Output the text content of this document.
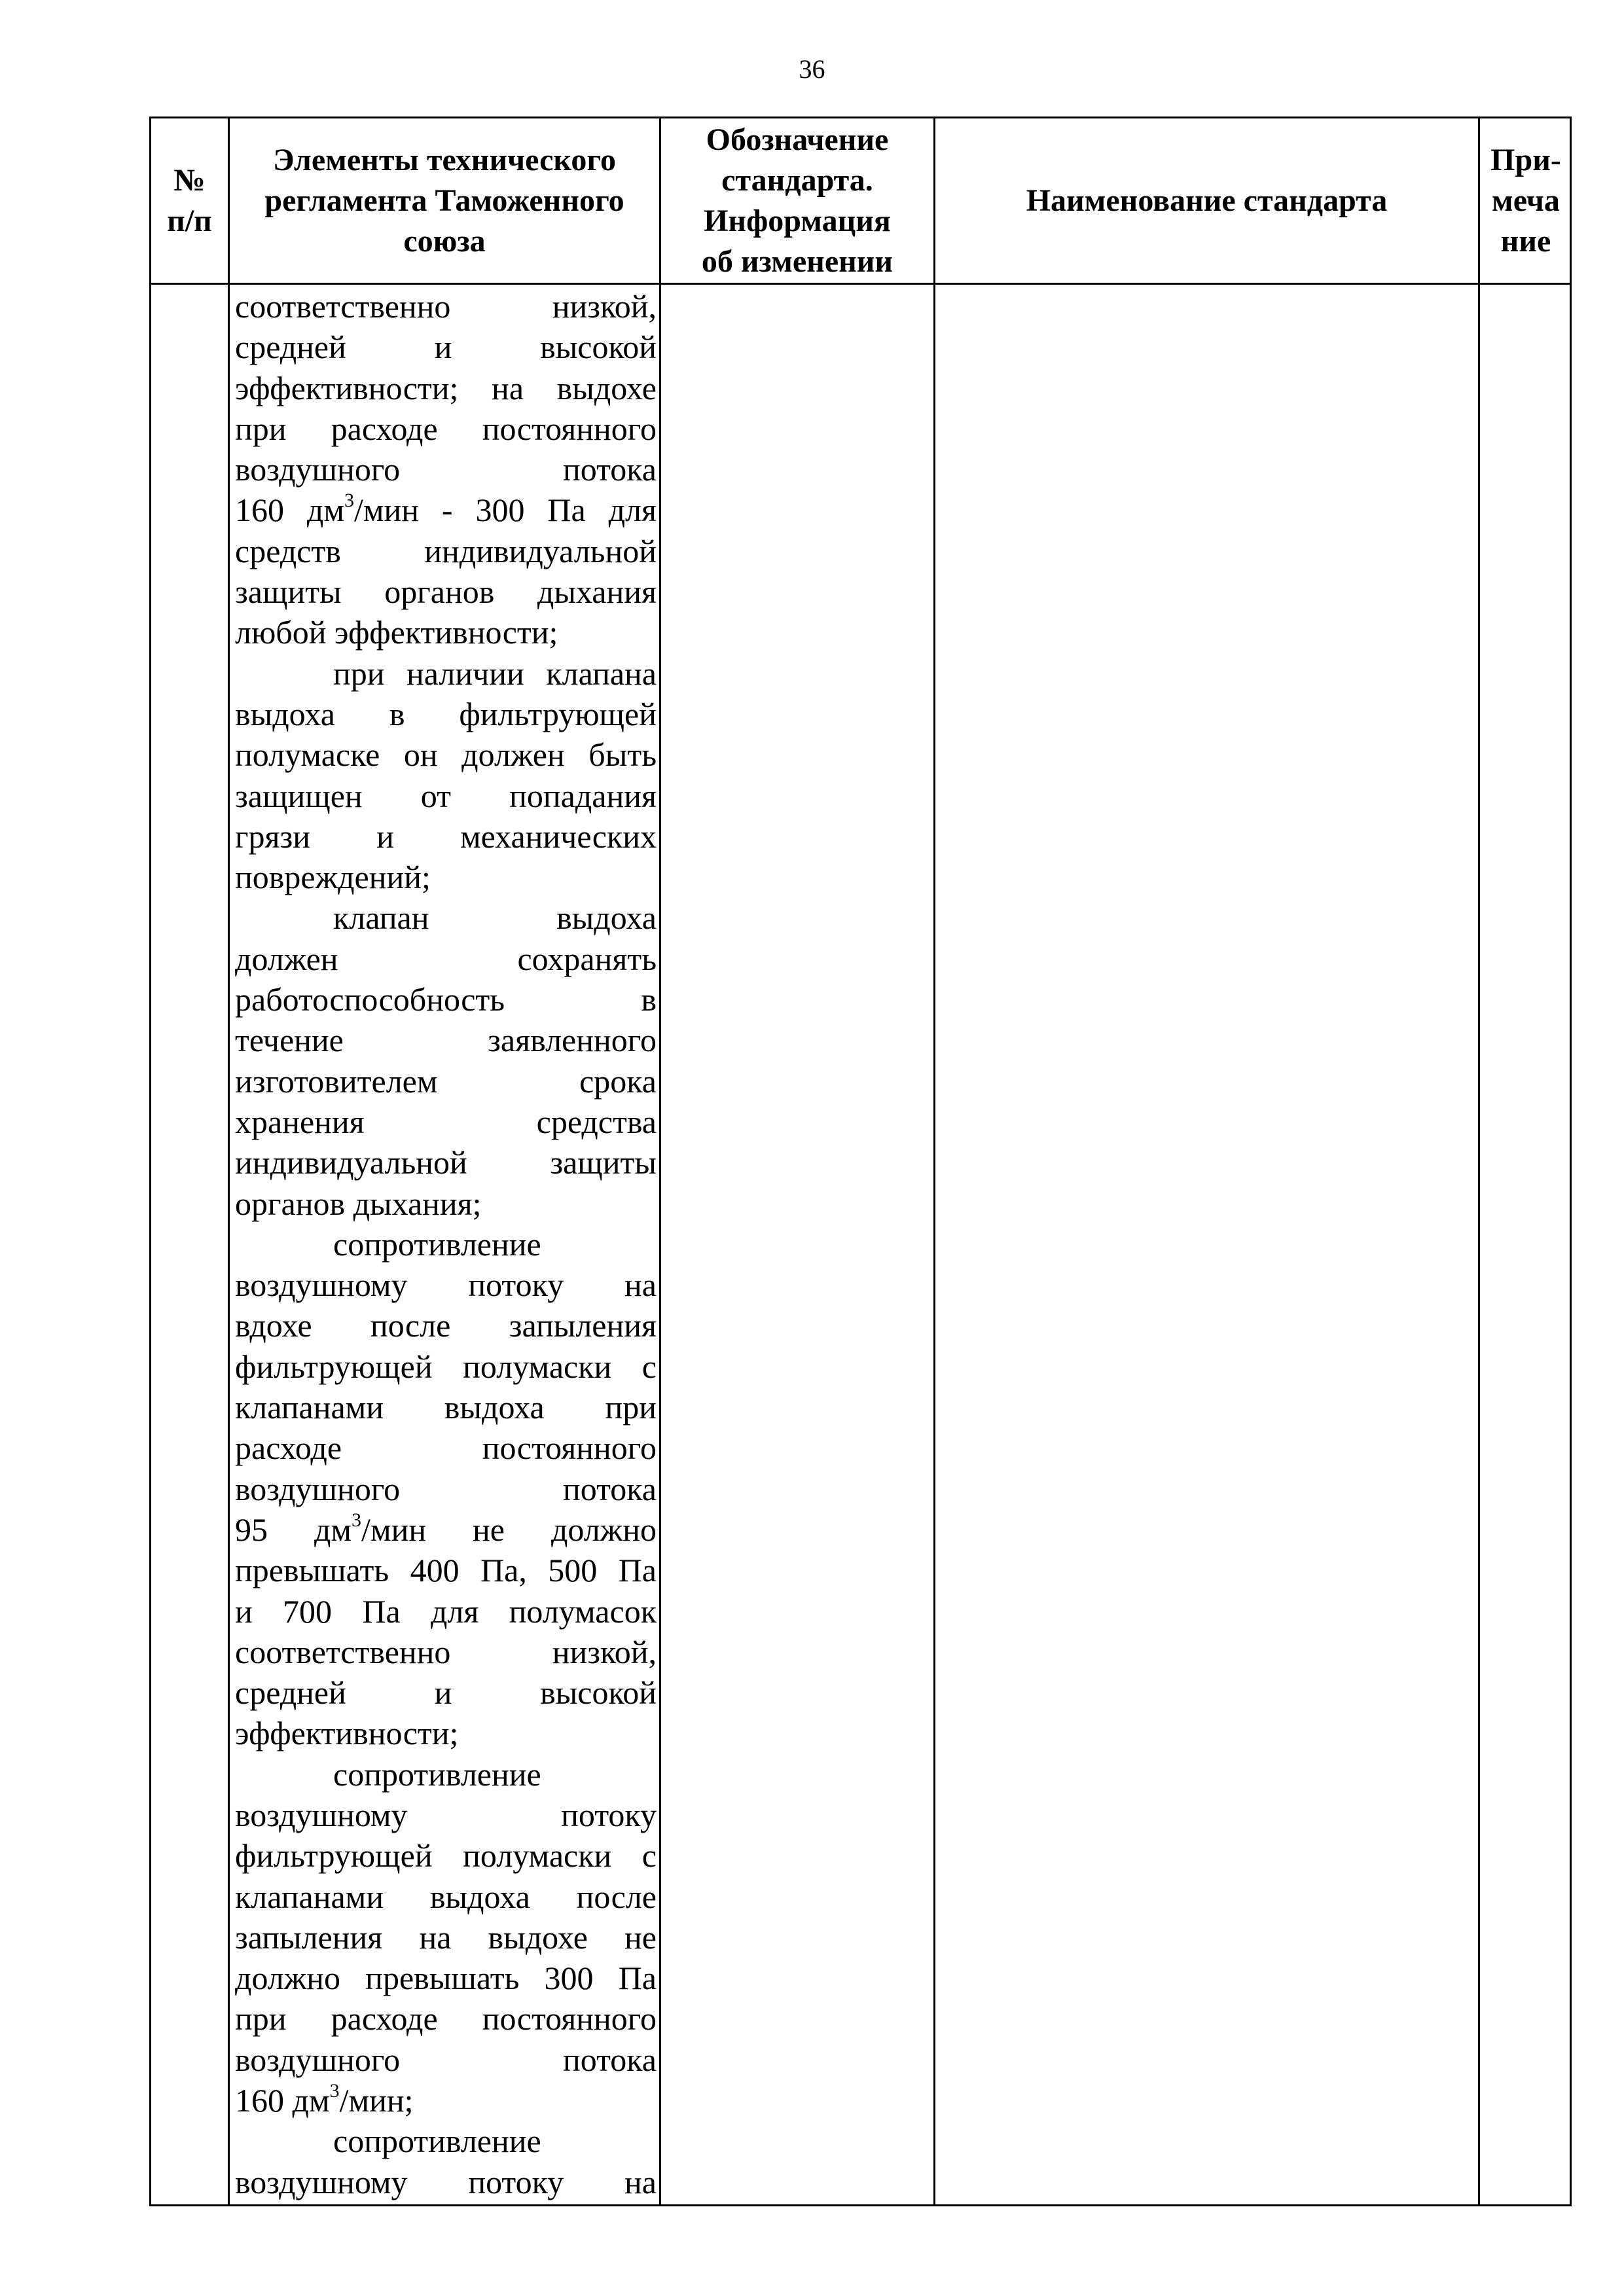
36
№
п/п
Элементы технического
регламента Таможенного
союза
Обозначение
стандарта.
Информация
об изменении
Наименование стандарта
При-
меча
ние
соответственно низкой,
средней и высокой
эффективности; на выдохе
при расходе постоянного
воздушного потока
160 $дм^3$/мин - 300 Па для
средств индивидуальной
защиты органов дыхания
любой эффективности;
при наличии клапана
выдоха в фильтрующей
полумаске он должен быть
защищен от попадания
грязи и механических
повреждений;
клапан выдоха
должен сохранять
работоспособность в
течение заявленного
изготовителем срока
хранения средства
индивидуальной защиты
органов дыхания;
сопротивление
воздушному потоку на
вдохе после запыления
фильтрующей полумаски с
клапанами выдоха при
расходе постоянного
воздушного потока
95 $дм^3$/мин не должно
превышать 400 Па, 500 Па
и 700 Па для полумасок
соответственно низкой,
средней и высокой
эффективности;
сопротивление
воздушному потоку
фильтрующей полумаски с
клапанами выдоха после
запыления на выдохе не
должно превышать 300 Па
при расходе постоянного
воздушного потока
160 $дм^3$/мин;
сопротивление
воздушному потоку на
